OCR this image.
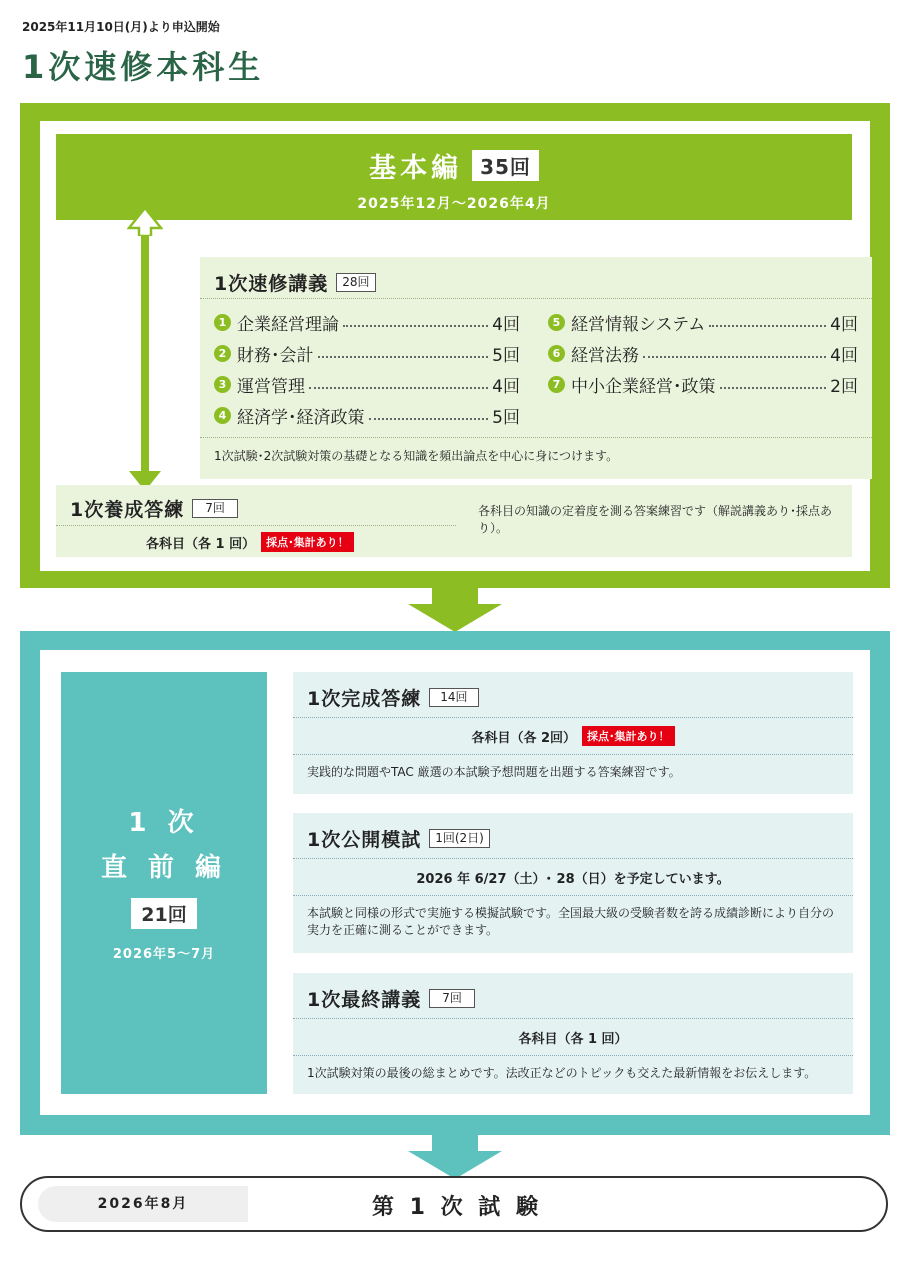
2025年11月10日(月)より申込開始
1次速修本科生
基本編 35回
2025年12月～2026年4月
1次速修講義	28回
1 企業経営理論	4回
2 財務･会計	5回
3 運営管理	4回
4 経済学･経済政策	5回
5 経営情報システム	4回
6 経営法務	4回
7 中小企業経営･政策	2回
1次試験･2次試験対策の基礎となる知識を頻出論点を中心に身につけます。
1次養成答練	7回
各科目（各 1 回）	採点･集計あり！
各科目の知識の定着度を測る答案練習です（解説講義あり･採点あり）。
1 次
直 前 編
21回
2026年5～7月
1次完成答練	14回
各科目（各 2回）	採点･集計あり！
実践的な問題やTAC 厳選の本試験予想問題を出題する答案練習です。
1次公開模試	1回(2日)
2026 年 6/27（土）･ 28（日）を予定しています。
本試験と同様の形式で実施する模擬試験です。全国最大級の受験者数を誇る成績診断により自分の実力を正確に測ることができます。
1次最終講義	7回
各科目（各 1 回）
1次試験対策の最後の総まとめです。法改正などのトピックも交えた最新情報をお伝えします。
2026年8月	第 1 次 試 験
